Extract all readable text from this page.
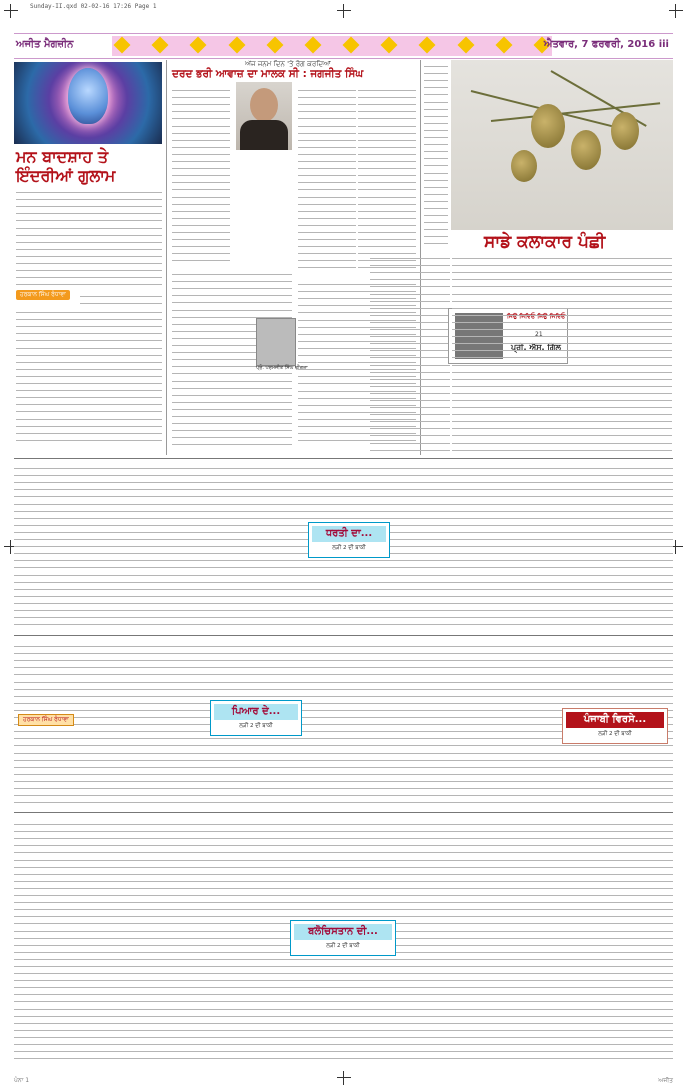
Sunday-II.qxd 02-02-16 17:26 Page 1
ਅਜੀਤ ਮੈਗਜ਼ੀਨ	ਐਤਵਾਰ, 7 ਫਰਵਰੀ, 2016 iii
ਮਨ ਬਾਦਸ਼ਾਹ ਤੇ
ਇੰਦਰੀਆਂ ਗੁਲਾਮ
ਹਰਕਾਨ ਸਿੰਘ ਰੰਧਾਵਾ
ਅੱਜ ਜਨਮ ਦਿਨ 'ਤੇ ਰੋਗ ਕਰਦਿਆਂ
ਦਰਦ ਭਰੀ ਆਵਾਜ਼ ਦਾ ਮਾਲਕ ਸੀ : ਜਗਜੀਤ ਸਿੰਘ
ਪ੍ਰੋ. ਪਰਮਜੀਤ ਸਿੰਘ ਢੀਂਗਰਾ
ਸਾਡੇ ਕਲਾਕਾਰ ਪੰਛੀ
ਜਿਉ ਜਿਵਿਓ ਜਿਉ ਜਿਵਿਓ
21
ਪ੍ਰੀ. ਐਸ. ਗਿੱਲ
ਧਰਤੀ ਦਾ...
ਲੜੀ 2 ਦੀ ਬਾਕੀ
ਹਰਕਾਨ ਸਿੰਘ ਰੰਧਾਵਾ
ਪਿਆਰ ਦੇ...
ਲੜੀ 2 ਦੀ ਬਾਕੀ
ਪੰਜਾਬੀ ਵਿਰਸੇ...
ਲੜੀ 2 ਦੀ ਬਾਕੀ
ਬਲੋਚਿਸਤਾਨ ਦੀ...
ਲੜੀ 2 ਦੀ ਬਾਕੀ
ਪੰਨਾ 1	ਅਜੀਤ
